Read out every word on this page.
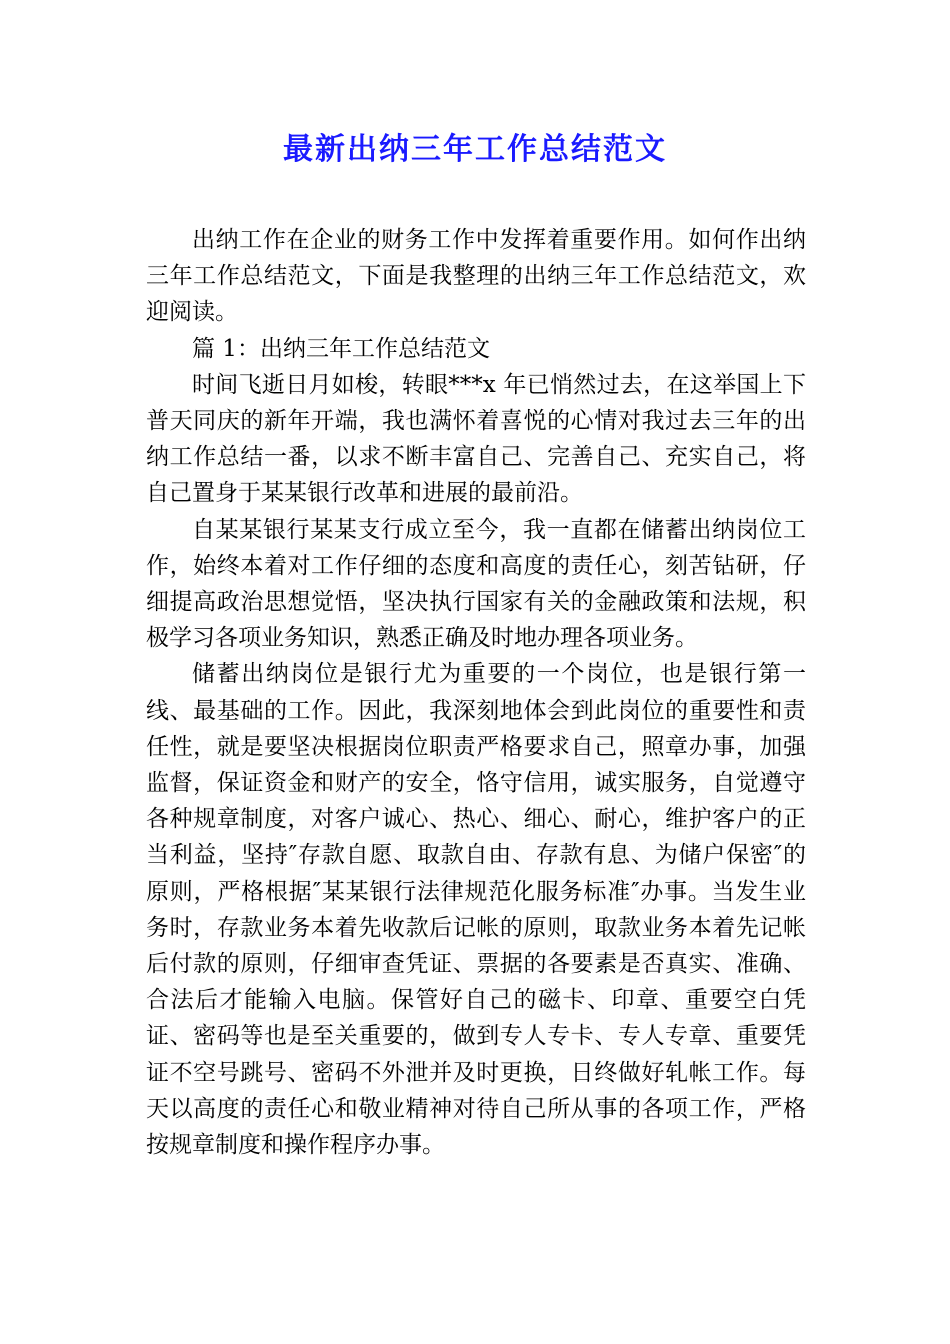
最新出纳三年工作总结范文

出纳工作在企业的财务工作中发挥着重要作用。如何作出纳三年工作总结范文，下面是我整理的出纳三年工作总结范文，欢迎阅读。

篇 1：出纳三年工作总结范文

时间飞逝日月如梭，转眼***x 年已悄然过去，在这举国上下普天同庆的新年开端，我也满怀着喜悦的心情对我过去三年的出纳工作总结一番，以求不断丰富自己、完善自己、充实自己，将自己置身于某某银行改革和进展的最前沿。

自某某银行某某支行成立至今，我一直都在储蓄出纳岗位工作，始终本着对工作仔细的态度和高度的责任心，刻苦钻研，仔细提高政治思想觉悟，坚决执行国家有关的金融政策和法规，积极学习各项业务知识，熟悉正确及时地办理各项业务。

储蓄出纳岗位是银行尤为重要的一个岗位，也是银行第一线、最基础的工作。因此，我深刻地体会到此岗位的重要性和责任性，就是要坚决根据岗位职责严格要求自己，照章办事，加强监督，保证资金和财产的安全，恪守信用，诚实服务，自觉遵守各种规章制度，对客户诚心、热心、细心、耐心，维护客户的正当利益，坚持″存款自愿、取款自由、存款有息、为储户保密″的原则，严格根据″某某银行法律规范化服务标准″办事。当发生业务时，存款业务本着先收款后记帐的原则，取款业务本着先记帐后付款的原则，仔细审查凭证、票据的各要素是否真实、准确、合法后才能输入电脑。保管好自己的磁卡、印章、重要空白凭证、密码等也是至关重要的，做到专人专卡、专人专章、重要凭证不空号跳号、密码不外泄并及时更换，日终做好轧帐工作。每天以高度的责任心和敬业精神对待自己所从事的各项工作，严格按规章制度和操作程序办事。
